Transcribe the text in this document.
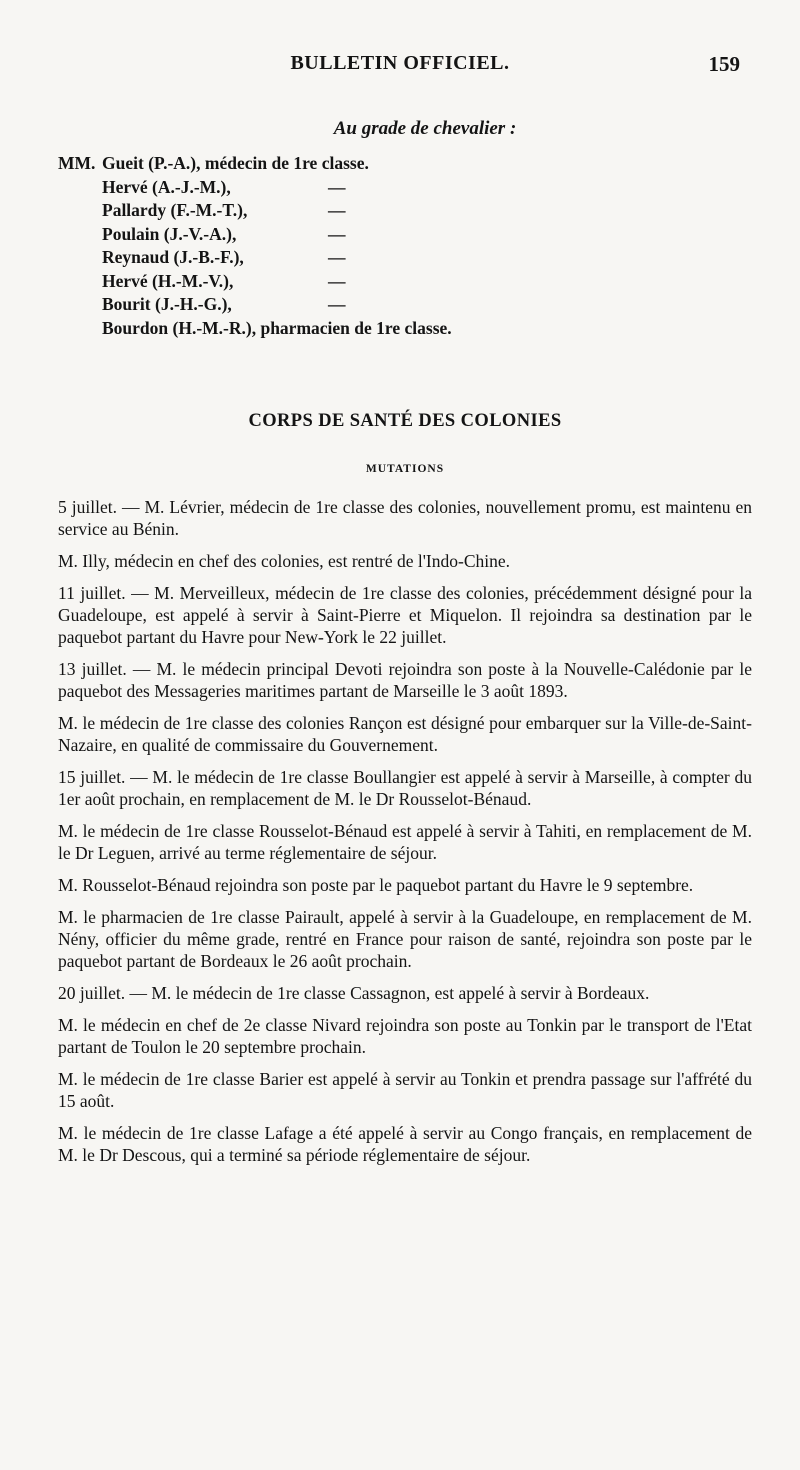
BULLETIN OFFICIEL.	159
Au grade de chevalier :
MM. Gueit (P.-A.), médecin de 1re classe.
Hervé (A.-J.-M.),	—
Pallardy (F.-M.-T.),	—
Poulain (J.-V.-A.),	—
Reynaud (J.-B.-F.),	—
Hervé (H.-M.-V.),	—
Bourit (J.-H.-G.),	—
Bourdon (H.-M.-R.), pharmacien de 1re classe.
CORPS DE SANTÉ DES COLONIES
MUTATIONS

5 juillet. — M. Lévrier, médecin de 1re classe des colonies, nouvellement promu, est maintenu en service au Bénin.

M. Illy, médecin en chef des colonies, est rentré de l'Indo-Chine.

11 juillet. — M. Merveilleux, médecin de 1re classe des colonies, précédemment désigné pour la Guadeloupe, est appelé à servir à Saint-Pierre et Miquelon. Il rejoindra sa destination par le paquebot partant du Havre pour New-York le 22 juillet.

13 juillet. — M. le médecin principal Devoti rejoindra son poste à la Nouvelle-Calédonie par le paquebot des Messageries maritimes partant de Marseille le 3 août 1893.

M. le médecin de 1re classe des colonies Rançon est désigné pour embarquer sur la Ville-de-Saint-Nazaire, en qualité de commissaire du Gouvernement.

15 juillet. — M. le médecin de 1re classe Boullangier est appelé à servir à Marseille, à compter du 1er août prochain, en remplacement de M. le Dr Rousselot-Bénaud.

M. le médecin de 1re classe Rousselot-Bénaud est appelé à servir à Tahiti, en remplacement de M. le Dr Leguen, arrivé au terme réglementaire de séjour.

M. Rousselot-Bénaud rejoindra son poste par le paquebot partant du Havre le 9 septembre.

M. le pharmacien de 1re classe Pairault, appelé à servir à la Guadeloupe, en remplacement de M. Nény, officier du même grade, rentré en France pour raison de santé, rejoindra son poste par le paquebot partant de Bordeaux le 26 août prochain.

20 juillet. — M. le médecin de 1re classe Cassagnon, est appelé à servir à Bordeaux.

M. le médecin en chef de 2e classe Nivard rejoindra son poste au Tonkin par le transport de l'Etat partant de Toulon le 20 septembre prochain.

M. le médecin de 1re classe Barier est appelé à servir au Tonkin et prendra passage sur l'affrété du 15 août.

M. le médecin de 1re classe Lafage a été appelé à servir au Congo français, en remplacement de M. le Dr Descous, qui a terminé sa période réglementaire de séjour.
